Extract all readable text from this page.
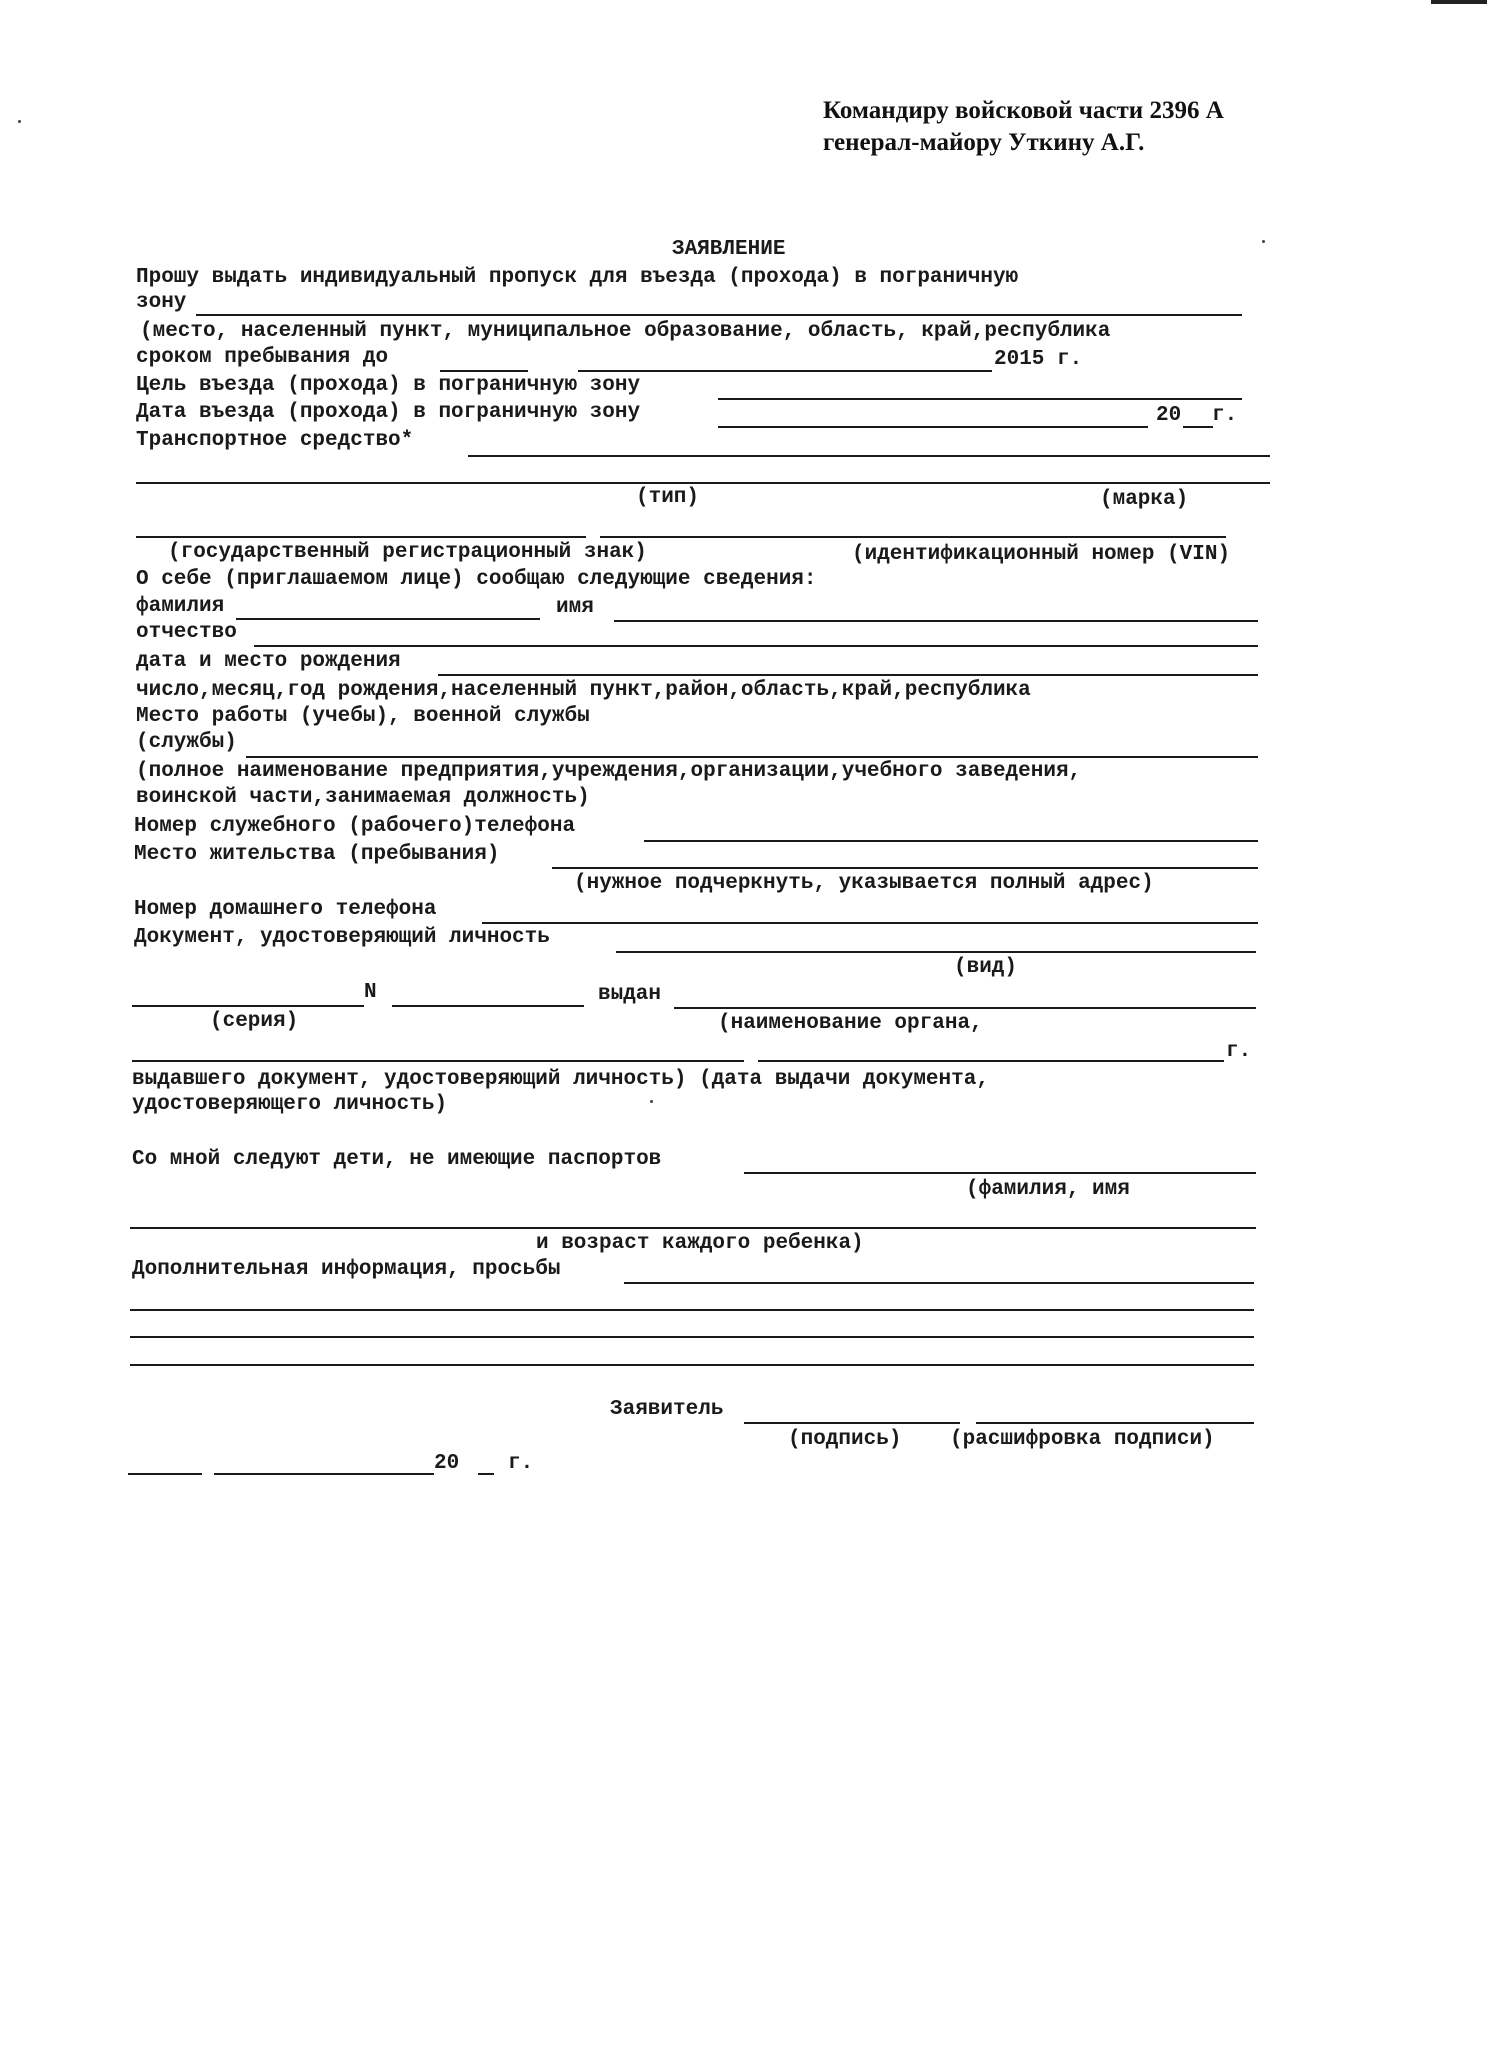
Командиру войсковой части 2396 А
генерал-майору Уткину А.Г.
ЗАЯВЛЕНИЕ
Прошу выдать индивидуальный пропуск для въезда (прохода) в пограничную
зону
(место, населенный пункт, муниципальное образование, область, край,республика
сроком пребывания до	2015 г.
Цель въезда (прохода) в пограничную зону
Дата въезда (прохода) в пограничную зону	20 г.
Транспортное средство*
(тип)	(марка)
(государственный регистрационный знак)	(идентификационный номер (VIN)
О себе (приглашаемом лице) сообщаю следующие сведения:
фамилия	имя
отчество
дата и место рождения
число,месяц,год рождения,населенный пункт,район,область,край,республика
Место работы (учебы), военной службы
(службы)
(полное наименование предприятия,учреждения,организации,учебного заведения,
воинской части,занимаемая должность)
Номер служебного (рабочего)телефона
Место жительства (пребывания)
(нужное подчеркнуть, указывается полный адрес)
Номер домашнего телефона
Документ, удостоверяющий личность
(вид)
N	выдан
(серия)	(наименование органа,
г.
выдавшего документ, удостоверяющий личность) (дата выдачи документа,
удостоверяющего личность)
Со мной следуют дети, не имеющие паспортов
(фамилия, имя
и возраст каждого ребенка)
Дополнительная информация, просьбы
Заявитель
(подпись) (расшифровка подписи)
20 г.
